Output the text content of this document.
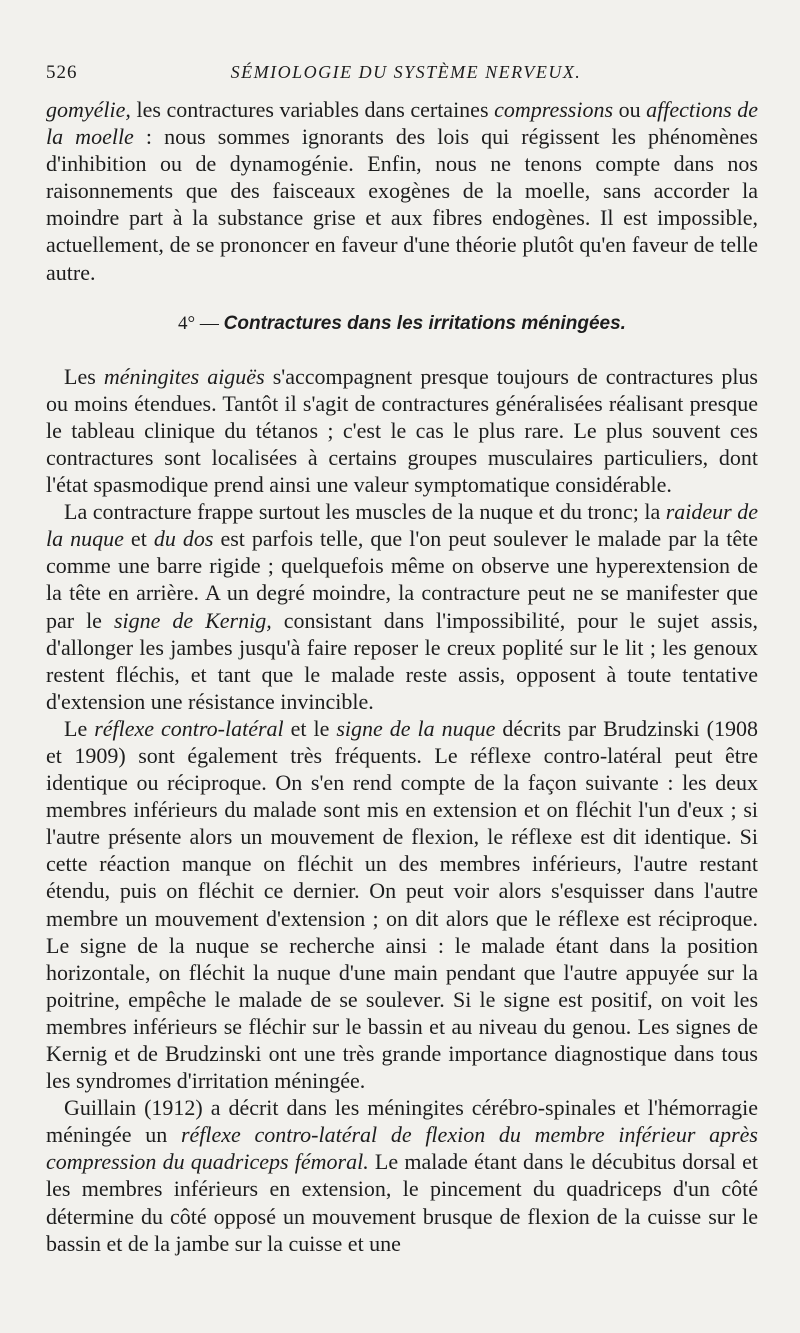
526	SÉMIOLOGIE DU SYSTÈME NERVEUX.

gomyélie, les contractures variables dans certaines compressions ou affections de la moelle : nous sommes ignorants des lois qui régissent les phénomènes d'inhibition ou de dynamogénie. Enfin, nous ne tenons compte dans nos raisonnements que des faisceaux exogènes de la moelle, sans accorder la moindre part à la substance grise et aux fibres endogènes. Il est impossible, actuellement, de se prononcer en faveur d'une théorie plutôt qu'en faveur de telle autre.

4° — Contractures dans les irritations méningées.

Les méningites aiguës s'accompagnent presque toujours de contractures plus ou moins étendues. Tantôt il s'agit de contractures généralisées réalisant presque le tableau clinique du tétanos ; c'est le cas le plus rare. Le plus souvent ces contractures sont localisées à certains groupes musculaires particuliers, dont l'état spasmodique prend ainsi une valeur symptomatique considérable.

La contracture frappe surtout les muscles de la nuque et du tronc; la raideur de la nuque et du dos est parfois telle, que l'on peut soulever le malade par la tête comme une barre rigide ; quelquefois même on observe une hyperextension de la tête en arrière. A un degré moindre, la contracture peut ne se manifester que par le signe de Kernig, consistant dans l'impossibilité, pour le sujet assis, d'allonger les jambes jusqu'à faire reposer le creux poplité sur le lit ; les genoux restent fléchis, et tant que le malade reste assis, opposent à toute tentative d'extension une résistance invincible.

Le réflexe contro-latéral et le signe de la nuque décrits par Brudzinski (1908 et 1909) sont également très fréquents. Le réflexe contro-latéral peut être identique ou réciproque. On s'en rend compte de la façon suivante : les deux membres inférieurs du malade sont mis en extension et on fléchit l'un d'eux ; si l'autre présente alors un mouvement de flexion, le réflexe est dit identique. Si cette réaction manque on fléchit un des membres inférieurs, l'autre restant étendu, puis on fléchit ce dernier. On peut voir alors s'esquisser dans l'autre membre un mouvement d'extension ; on dit alors que le réflexe est réciproque. Le signe de la nuque se recherche ainsi : le malade étant dans la position horizontale, on fléchit la nuque d'une main pendant que l'autre appuyée sur la poitrine, empêche le malade de se soulever. Si le signe est positif, on voit les membres inférieurs se fléchir sur le bassin et au niveau du genou. Les signes de Kernig et de Brudzinski ont une très grande importance diagnostique dans tous les syndromes d'irritation méningée.

Guillain (1912) a décrit dans les méningites cérébro-spinales et l'hémorragie méningée un réflexe contro-latéral de flexion du membre inférieur après compression du quadriceps fémoral. Le malade étant dans le décubitus dorsal et les membres inférieurs en extension, le pincement du quadriceps d'un côté détermine du côté opposé un mouvement brusque de flexion de la cuisse sur le bassin et de la jambe sur la cuisse et une
